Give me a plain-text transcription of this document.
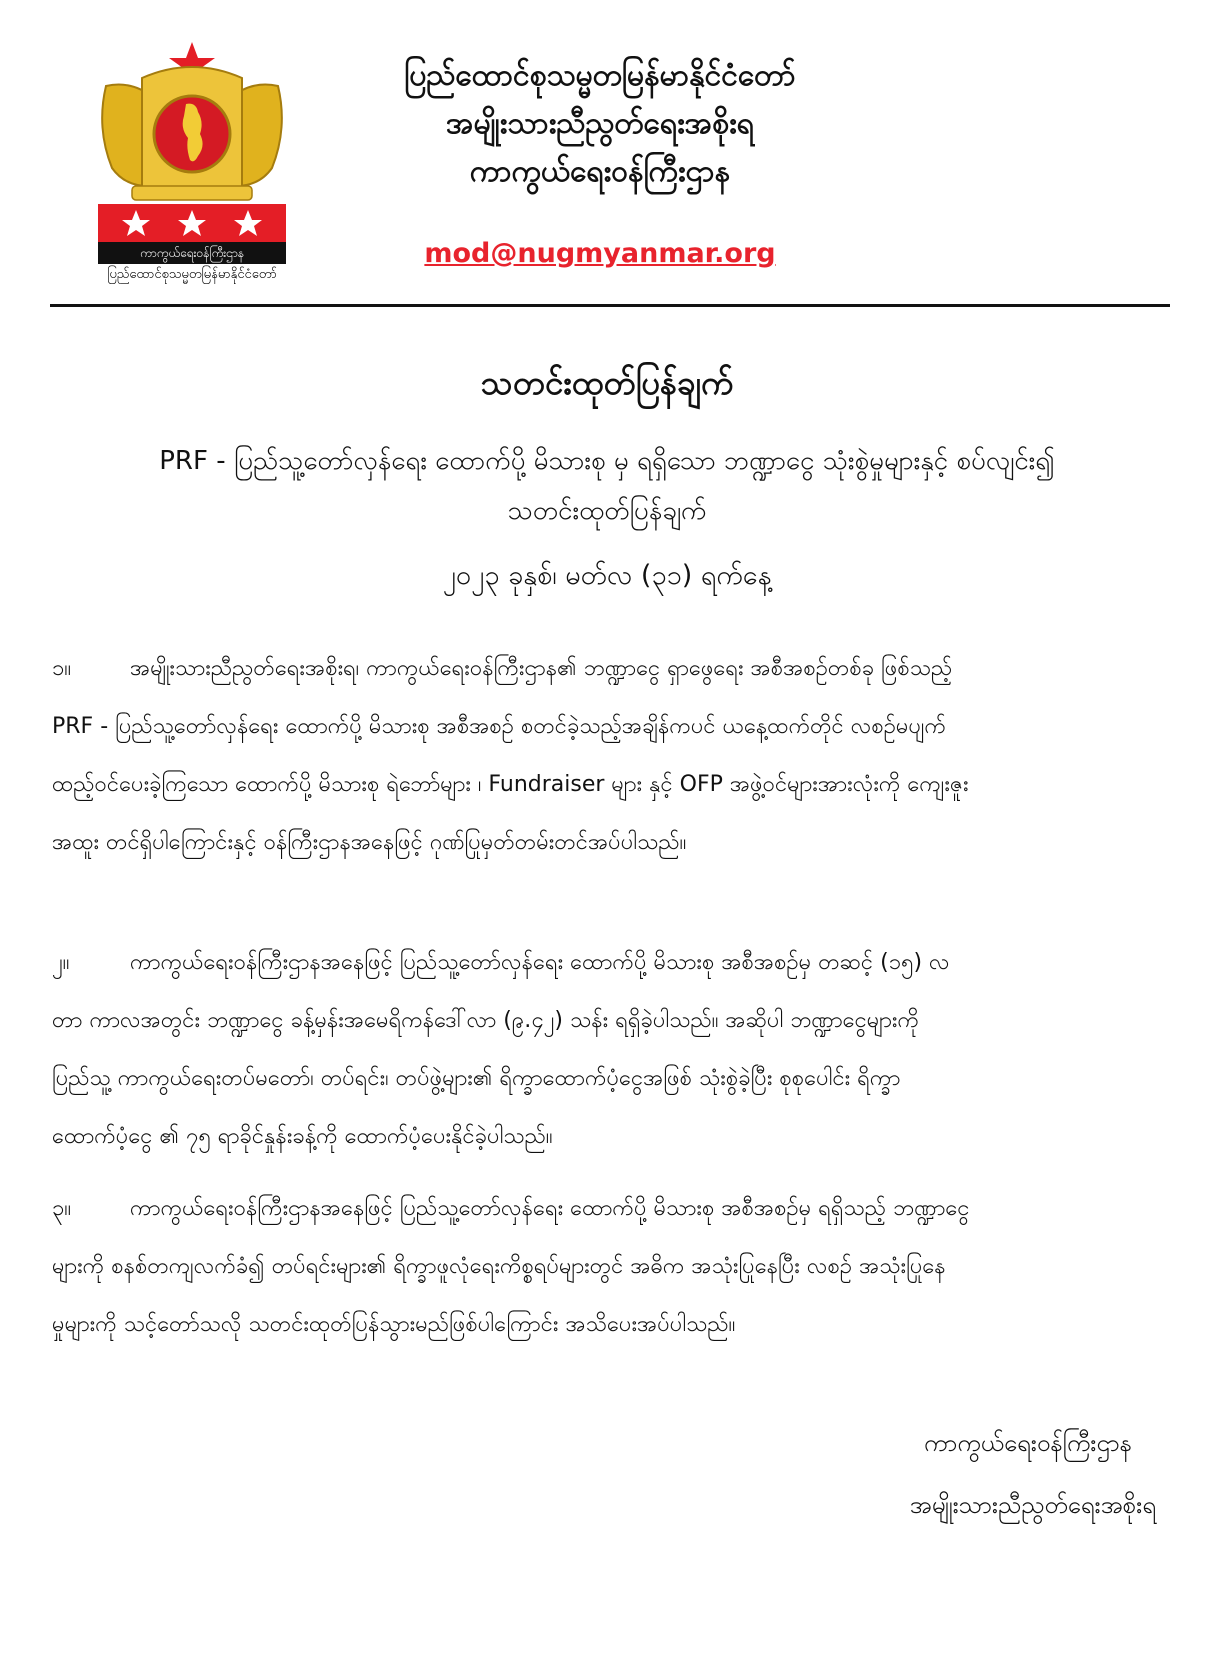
ကာကွယ်ရေးဝန်ကြီးဌာန
ပြည်ထောင်စုသမ္မတမြန်မာနိုင်ငံတော်
ပြည်ထောင်စုသမ္မတမြန်မာနိုင်ငံတော်
အမျိုးသားညီညွတ်ရေးအစိုးရ
ကာကွယ်ရေးဝန်ကြီးဌာန
mod@nugmyanmar.org
သတင်းထုတ်ပြန်ချက်
PRF - ပြည်သူ့တော်လှန်ရေး ထောက်ပို့ မိသားစု မှ ရရှိသော ဘဏ္ဍာငွေ သုံးစွဲမှုများနှင့် စပ်လျင်း၍
သတင်းထုတ်ပြန်ချက်
၂၀၂၃ ခုနှစ်၊ မတ်လ (၃၁) ရက်နေ့
၁။	အမျိုးသားညီညွတ်ရေးအစိုးရ၊ ကာကွယ်ရေးဝန်ကြီးဌာန၏ ဘဏ္ဍာငွေ ရှာဖွေရေး အစီအစဉ်တစ်ခု ဖြစ်သည့်
PRF - ပြည်သူ့တော်လှန်ရေး ထောက်ပို့ မိသားစု အစီအစဉ် စတင်ခဲ့သည့်အချိန်ကပင် ယနေ့ထက်တိုင် လစဉ်မပျက်
ထည့်ဝင်ပေးခဲ့ကြသော ထောက်ပို့ မိသားစု ရဲဘော်များ ၊ Fundraiser များ နှင့် OFP အဖွဲ့ဝင်များအားလုံးကို ကျေးဇူး
အထူး တင်ရှိပါကြောင်းနှင့် ဝန်ကြီးဌာနအနေဖြင့် ဂုဏ်ပြုမှတ်တမ်းတင်အပ်ပါသည်။
၂။	ကာကွယ်ရေးဝန်ကြီးဌာနအနေဖြင့် ပြည်သူ့တော်လှန်ရေး ထောက်ပို့ မိသားစု အစီအစဉ်မှ တဆင့် (၁၅) လ
တာ ကာလအတွင်း ဘဏ္ဍာငွေ ခန့်မှန်းအမေရိကန်ဒေါ်လာ (၉.၄၂) သန်း ရရှိခဲ့ပါသည်။ အဆိုပါ ဘဏ္ဍာငွေများကို
ပြည်သူ့ ကာကွယ်ရေးတပ်မတော်၊ တပ်ရင်း၊ တပ်ဖွဲ့များ၏ ရိက္ခာထောက်ပံ့ငွေအဖြစ် သုံးစွဲခဲ့ပြီး စုစုပေါင်း ရိက္ခာ
ထောက်ပံ့ငွေ ၏ ၇၅ ရာခိုင်နှုန်းခန့်ကို ထောက်ပံ့ပေးနိုင်ခဲ့ပါသည်။
၃။	ကာကွယ်ရေးဝန်ကြီးဌာနအနေဖြင့် ပြည်သူ့တော်လှန်ရေး ထောက်ပို့ မိသားစု အစီအစဉ်မှ ရရှိသည့် ဘဏ္ဍာငွေ
များကို စနစ်တကျလက်ခံ၍ တပ်ရင်းများ၏ ရိက္ခာဖူလုံရေးကိစ္စရပ်များတွင် အဓိက အသုံးပြုနေပြီး လစဉ် အသုံးပြုနေ
မှုများကို သင့်တော်သလို သတင်းထုတ်ပြန်သွားမည်ဖြစ်ပါကြောင်း အသိပေးအပ်ပါသည်။
ကာကွယ်ရေးဝန်ကြီးဌာန
အမျိုးသားညီညွတ်ရေးအစိုးရ
